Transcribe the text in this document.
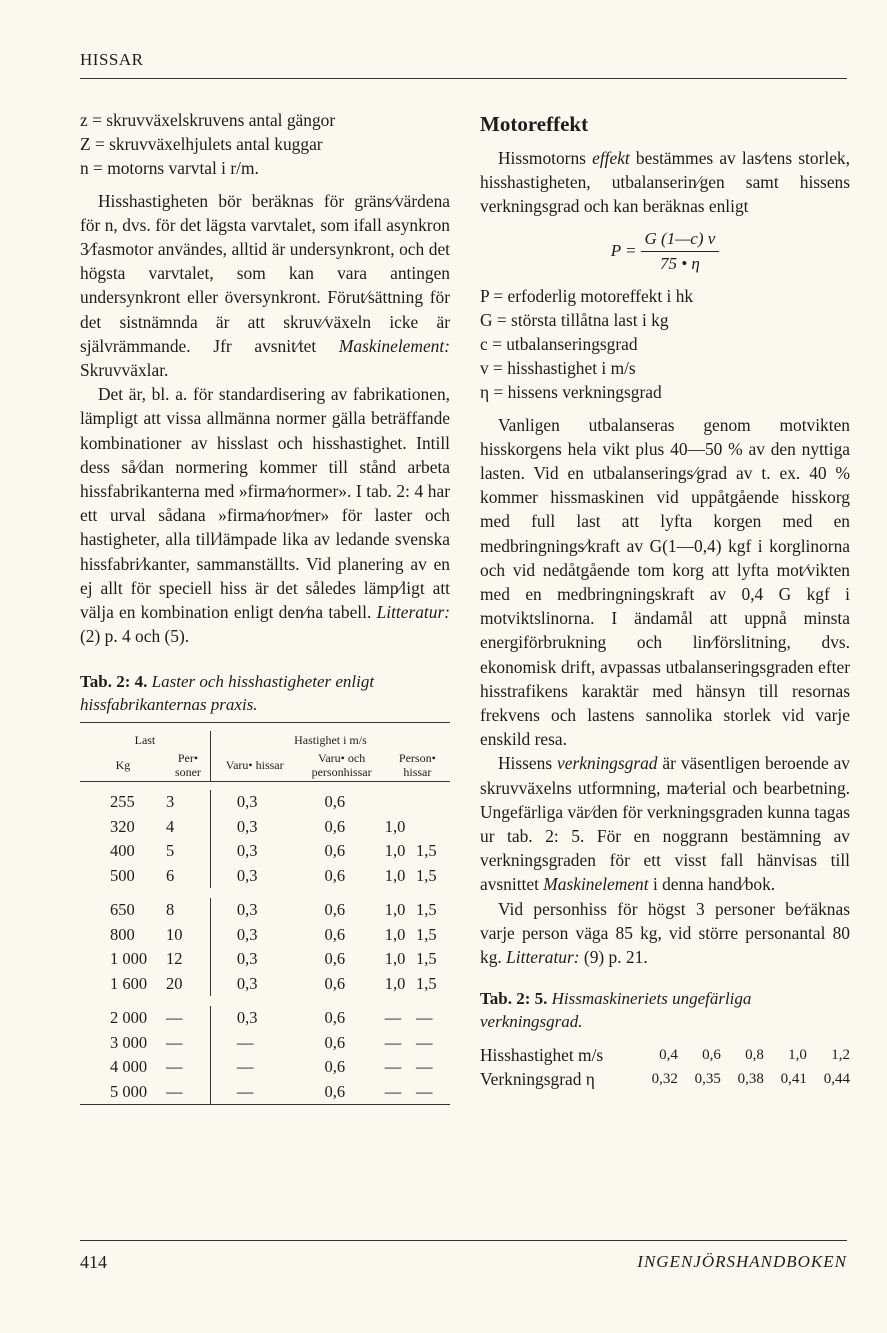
HISSAR
z = skruvväxelskruvens antal gängor
Z = skruvväxelhjulets antal kuggar
n = motorns varvtal i r/m.

Hisshastigheten bör beräknas för gräns⁄värdena för n, dvs. för det lägsta varvtalet, som ifall asynkron 3⁄fasmotor användes, alltid är undersynkront, och det högsta varvtalet, som kan vara antingen undersynkront eller översynkront. Förut⁄sättning för det sistnämnda är att skruv⁄växeln icke är självrämmande. Jfr avsnit⁄tet Maskinelement: Skruvväxlar.

Det är, bl. a. för standardisering av fabrikationen, lämpligt att vissa allmänna normer gälla beträffande kombinationer av hisslast och hisshastighet. Intill dess så⁄dan normering kommer till stånd arbeta hissfabrikanterna med »firma⁄normer». I tab. 2: 4 har ett urval sådana »firma⁄nor⁄mer» för laster och hastigheter, alla till⁄lämpade lika av ledande svenska hissfabri⁄kanter, sammanställts. Vid planering av en ej allt för speciell hiss är det således lämp⁄ligt att välja en kombination enligt den⁄na tabell. Litteratur: (2) p. 4 och (5).

Tab. 2: 4. Laster och hisshastigheter enligt hissfabrikanternas praxis.
Last		Hastighet i m/s			
Kg	Per• soner	Varu• hissar	Varu• och personhissar	Person• hissar	

255	3	0,3	0,6		
320	4	0,3	0,6	1,0	
400	5	0,3	0,6	1,0	1,5
500	6	0,3	0,6	1,0	1,5

650	8	0,3	0,6	1,0	1,5
800	10	0,3	0,6	1,0	1,5
1 000	12	0,3	0,6	1,0	1,5
1 600	20	0,3	0,6	1,0	1,5

2 000	—	0,3	0,6	—	—
3 000	—	—	0,6	—	—
4 000	—	—	0,6	—	—
5 000	—	—	0,6	—	—

Motoreffekt

Hissmotorns effekt bestämmes av las⁄tens storlek, hisshastigheten, utbalanserin⁄gen samt hissens verkningsgrad och kan beräknas enligt

$P = \frac{G (1—c) v}{75 • \eta}$
P = erfoderlig motoreffekt i hk
G = största tillåtna last i kg
c = utbalanseringsgrad
v = hisshastighet i m/s
η = hissens verkningsgrad

Vanligen utbalanseras genom motvikten hisskorgens hela vikt plus 40—50 % av den nyttiga lasten. Vid en utbalanserings⁄grad av t. ex. 40 % kommer hissmaskinen vid uppåtgående hisskorg med full last att lyfta korgen med en medbringnings⁄kraft av G(1—0,4) kgf i korglinorna och vid nedåtgående tom korg att lyfta mot⁄vikten med en medbringningskraft av 0,4 G kgf i motviktslinorna. I ändamål att uppnå minsta energiförbrukning och lin⁄förslitning, dvs. ekonomisk drift, avpassas utbalanseringsgraden efter hisstrafikens karaktär med hänsyn till resornas frekvens och lastens sannolika storlek vid varje enskild resa.

Hissens verkningsgrad är väsentligen beroende av skruvväxelns utformning, ma⁄terial och bearbetning. Ungefärliga vär⁄den för verkningsgraden kunna tagas ur tab. 2: 5. För en noggrann bestämning av verkningsgraden för ett visst fall hänvisas till avsnittet Maskinelement i denna hand⁄bok.

Vid personhiss för högst 3 personer be⁄räknas varje person väga 85 kg, vid större personantal 80 kg. Litteratur: (9) p. 21.

Tab. 2: 5. Hissmaskineriets ungefärliga verkningsgrad.
Hisshastighet m/s	0,4	0,6	0,8	1,0	1,2
Verkningsgrad η	0,32	0,35	0,38	0,41	0,44
414	INGENJÖRSHANDBOKEN
